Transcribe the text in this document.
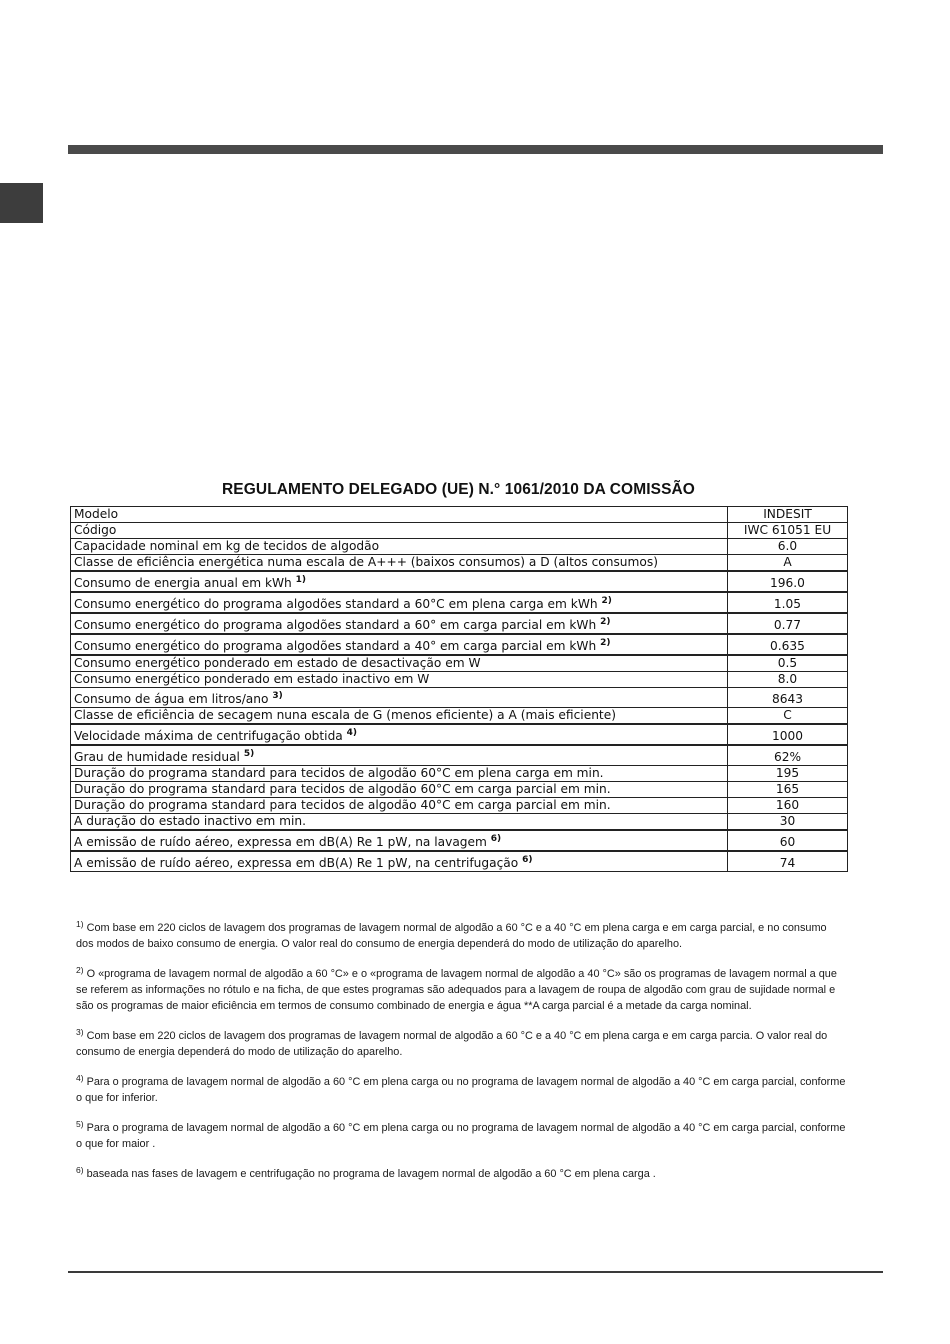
REGULAMENTO DELEGADO (UE) N.° 1061/2010 DA COMISSÃO
Modelo	INDESIT
Código	IWC 61051 EU
Capacidade nominal em kg de tecidos de algodão	6.0
Classe de eficiência energética numa escala de A+++ (baixos consumos) a D (altos consumos)	A
Consumo de energia anual em kWh $^{1)}$	196.0
Consumo energético do programa algodões standard a 60°C em plena carga em kWh $^{2)}$	1.05
Consumo energético do programa algodões standard a 60° em carga parcial em kWh $^{2)}$	0.77
Consumo energético do programa algodões standard a 40° em carga parcial em kWh $^{2)}$	0.635
Consumo energético ponderado em estado de desactivação em W	0.5
Consumo energético ponderado em estado inactivo em W	8.0
Consumo de água em litros/ano $^{3)}$	8643
Classe de eficiência de secagem nuna escala de G (menos eficiente) a A (mais eficiente)	C
Velocidade máxima de centrifugação obtida $^{4)}$	1000
Grau de humidade residual $^{5)}$	62%
Duração do programa standard para tecidos de algodão 60°C em plena carga em min.	195
Duração do programa standard para tecidos de algodão 60°C em carga parcial em min.	165
Duração do programa standard para tecidos de algodão 40°C em carga parcial em min.	160
A duração do estado inactivo em min.	30
A emissão de ruído aéreo, expressa em dB(A) Re 1 pW, na lavagem $^{6)}$	60
A emissão de ruído aéreo, expressa em dB(A) Re 1 pW, na centrifugação $^{6)}$	74
$^{1)}$ Com base em 220 ciclos de lavagem dos programas de lavagem normal de algodão a 60 °C e a 40 °C em plena carga e em carga parcial, e no consumo dos modos de baixo consumo de energia. O valor real do consumo de energia dependerá do modo de utilização do aparelho.
$^{2)}$ O «programa de lavagem normal de algodão a 60 °C» e o «programa de lavagem normal de algodão a 40 °C» são os programas de lavagem normal a que se referem as informações no rótulo e na ficha, de que estes programas são adequados para a lavagem de roupa de algodão com grau de sujidade normal e são os programas de maior eficiência em termos de consumo combinado de energia e água **A carga parcial é a metade da carga nominal.
$^{3)}$ Com base em 220 ciclos de lavagem dos programas de lavagem normal de algodão a 60 °C e a 40 °C em plena carga e em carga parcia. O valor real do consumo de energia dependerá do modo de utilização do aparelho.
$^{4)}$ Para o programa de lavagem normal de algodão a 60 °C em plena carga ou no programa de lavagem normal de algodão a 40 °C em carga parcial, conforme o que for inferior.
$^{5)}$ Para o programa de lavagem normal de algodão a 60 °C em plena carga ou no programa de lavagem normal de algodão a 40 °C em carga parcial, conforme o que for maior .
$^{6)}$ baseada nas fases de lavagem e centrifugação no programa de lavagem normal de algodão a 60 °C em plena carga .
